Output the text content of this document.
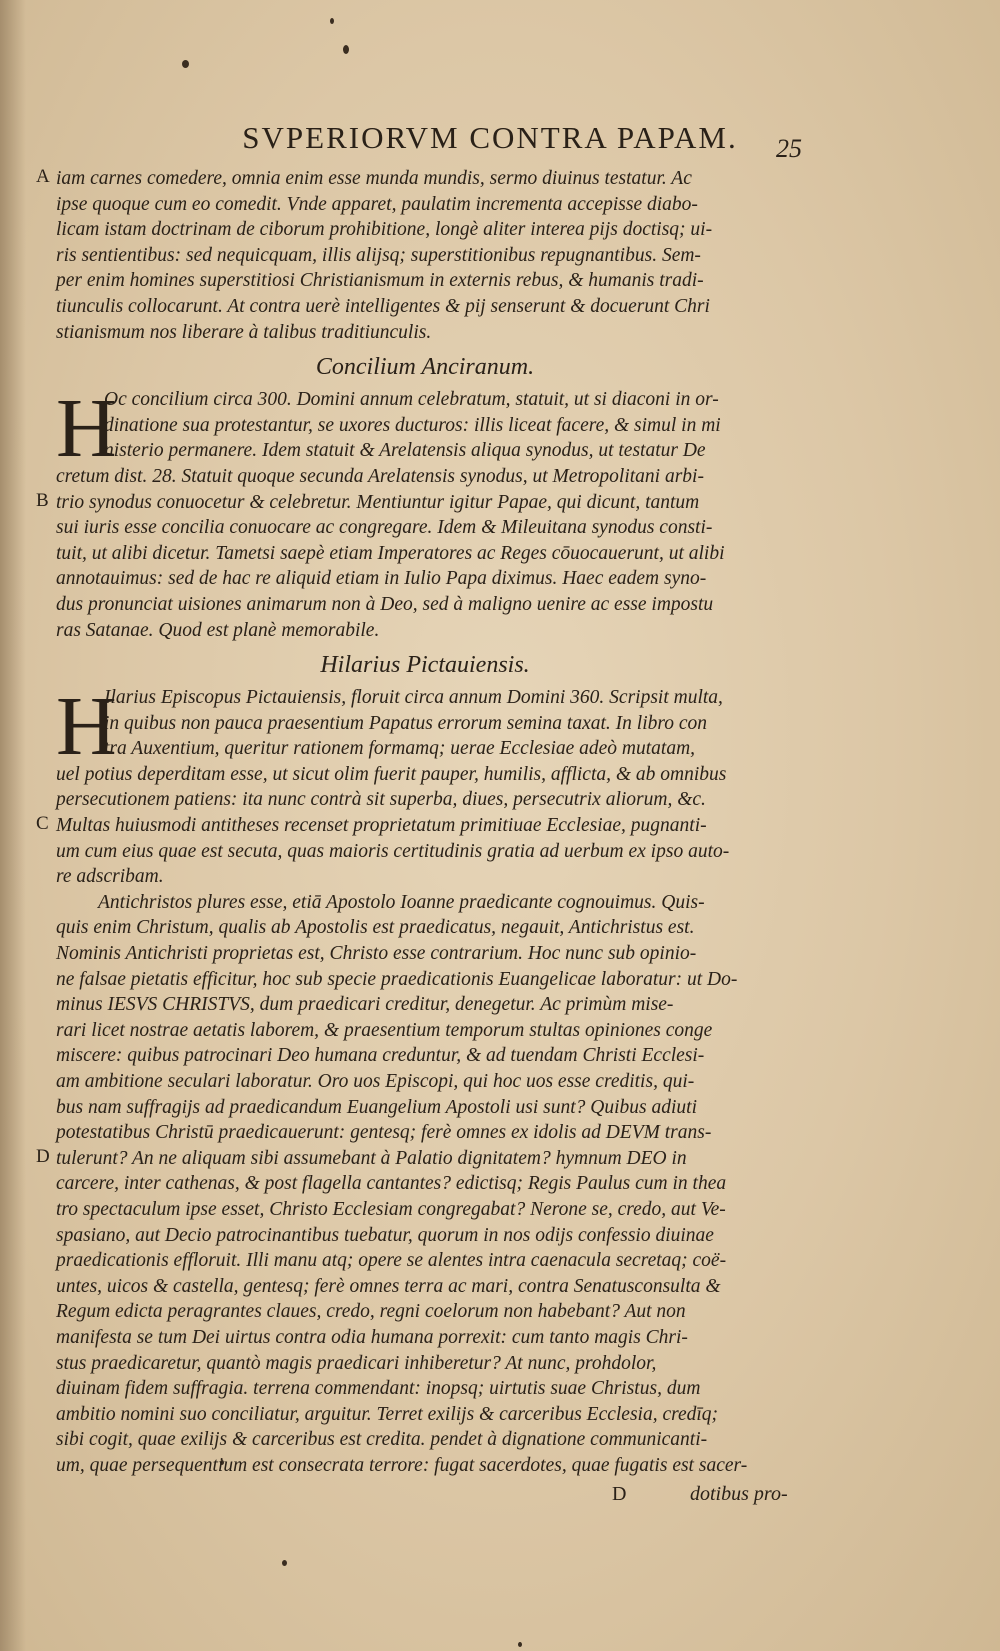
SVPERIORVM CONTRA PAPAM.	25
A iam carnes comedere, omnia enim esse munda mundis, sermo diuinus testatur. Ac
ipse quoque cum eo comedit. Vnde apparet, paulatim incrementa accepisse diabo-
licam istam doctrinam de ciborum prohibitione, longè aliter interea pijs doctisq; ui-
ris sentientibus: sed nequicquam, illis alijsq; superstitionibus repugnantibus. Sem-
per enim homines superstitiosi Christianismum in externis rebus, & humanis tradi-
tiunculis collocarunt. At contra uerè intelligentes & pij senserunt & docuerunt Chri
stianismum nos liberare à talibus traditiunculis.
Concilium Anciranum.
Oc concilium circa 300. Domini annum celebratum, statuit, ut si diaconi in or-
dinatione sua protestantur, se uxores ducturos: illis liceat facere, & simul in mi
nisterio permanere. Idem statuit & Arelatensis aliqua synodus, ut testatur De
cretum dist. 28. Statuit quoque secunda Arelatensis synodus, ut Metropolitani arbi-
B trio synodus conuocetur & celebretur. Mentiuntur igitur Papae, qui dicunt, tantum
sui iuris esse concilia conuocare ac congregare. Idem & Mileuitana synodus consti-
tuit, ut alibi dicetur. Tametsi saepè etiam Imperatores ac Reges cōuocauerunt, ut alibi
annotauimus: sed de hac re aliquid etiam in Iulio Papa diximus. Haec eadem syno-
dus pronunciat uisiones animarum non à Deo, sed à maligno uenire ac esse impostu
ras Satanae. Quod est planè memorabile.
H
Hilarius Pictauiensis.
Ilarius Episcopus Pictauiensis, floruit circa annum Domini 360. Scripsit multa,
in quibus non pauca praesentium Papatus errorum semina taxat. In libro con
tra Auxentium, queritur rationem formamq; uerae Ecclesiae adeò mutatam,
uel potius deperditam esse, ut sicut olim fuerit pauper, humilis, afflicta, & ab omnibus
persecutionem patiens: ita nunc contrà sit superba, diues, persecutrix aliorum, &c.
C Multas huiusmodi antitheses recenset proprietatum primitiuae Ecclesiae, pugnanti-
um cum eius quae est secuta, quas maioris certitudinis gratia ad uerbum ex ipso auto-
re adscribam.
H
Antichristos plures esse, etiā Apostolo Ioanne praedicante cognouimus. Quis-
quis enim Christum, qualis ab Apostolis est praedicatus, negauit, Antichristus est.
Nominis Antichristi proprietas est, Christo esse contrarium. Hoc nunc sub opinio-
ne falsae pietatis efficitur, hoc sub specie praedicationis Euangelicae laboratur: ut Do-
minus IESVS CHRISTVS, dum praedicari creditur, denegetur. Ac primùm mise-
rari licet nostrae aetatis laborem, & praesentium temporum stultas opiniones conge
miscere: quibus patrocinari Deo humana creduntur, & ad tuendam Christi Ecclesi-
am ambitione seculari laboratur. Oro uos Episcopi, qui hoc uos esse creditis, qui-
bus nam suffragijs ad praedicandum Euangelium Apostoli usi sunt? Quibus adiuti
potestatibus Christū praedicauerunt: gentesq; ferè omnes ex idolis ad DEVM trans-
D tulerunt? An ne aliquam sibi assumebant à Palatio dignitatem? hymnum DEO in
carcere, inter cathenas, & post flagella cantantes? edictisq; Regis Paulus cum in thea
tro spectaculum ipse esset, Christo Ecclesiam congregabat? Nerone se, credo, aut Ve-
spasiano, aut Decio patrocinantibus tuebatur, quorum in nos odijs confessio diuinae
praedicationis effloruit. Illi manu atq; opere se alentes intra caenacula secretaq; coë-
untes, uicos & castella, gentesq; ferè omnes terra ac mari, contra Senatusconsulta &
Regum edicta peragrantes claues, credo, regni coelorum non habebant? Aut non
manifesta se tum Dei uirtus contra odia humana porrexit: cum tanto magis Chri-
stus praedicaretur, quantò magis praedicari inhiberetur? At nunc, prohdolor,
diuinam fidem suffragia. terrena commendant: inopsq; uirtutis suae Christus, dum
ambitio nomini suo conciliatur, arguitur. Terret exilijs & carceribus Ecclesia, credīq;
sibi cogit, quae exilijs & carceribus est credita. pendet à dignatione communicanti-
um, quae persequentium est consecrata terrore: fugat sacerdotes, quae fugatis est sacer-
D	dotibus pro-
